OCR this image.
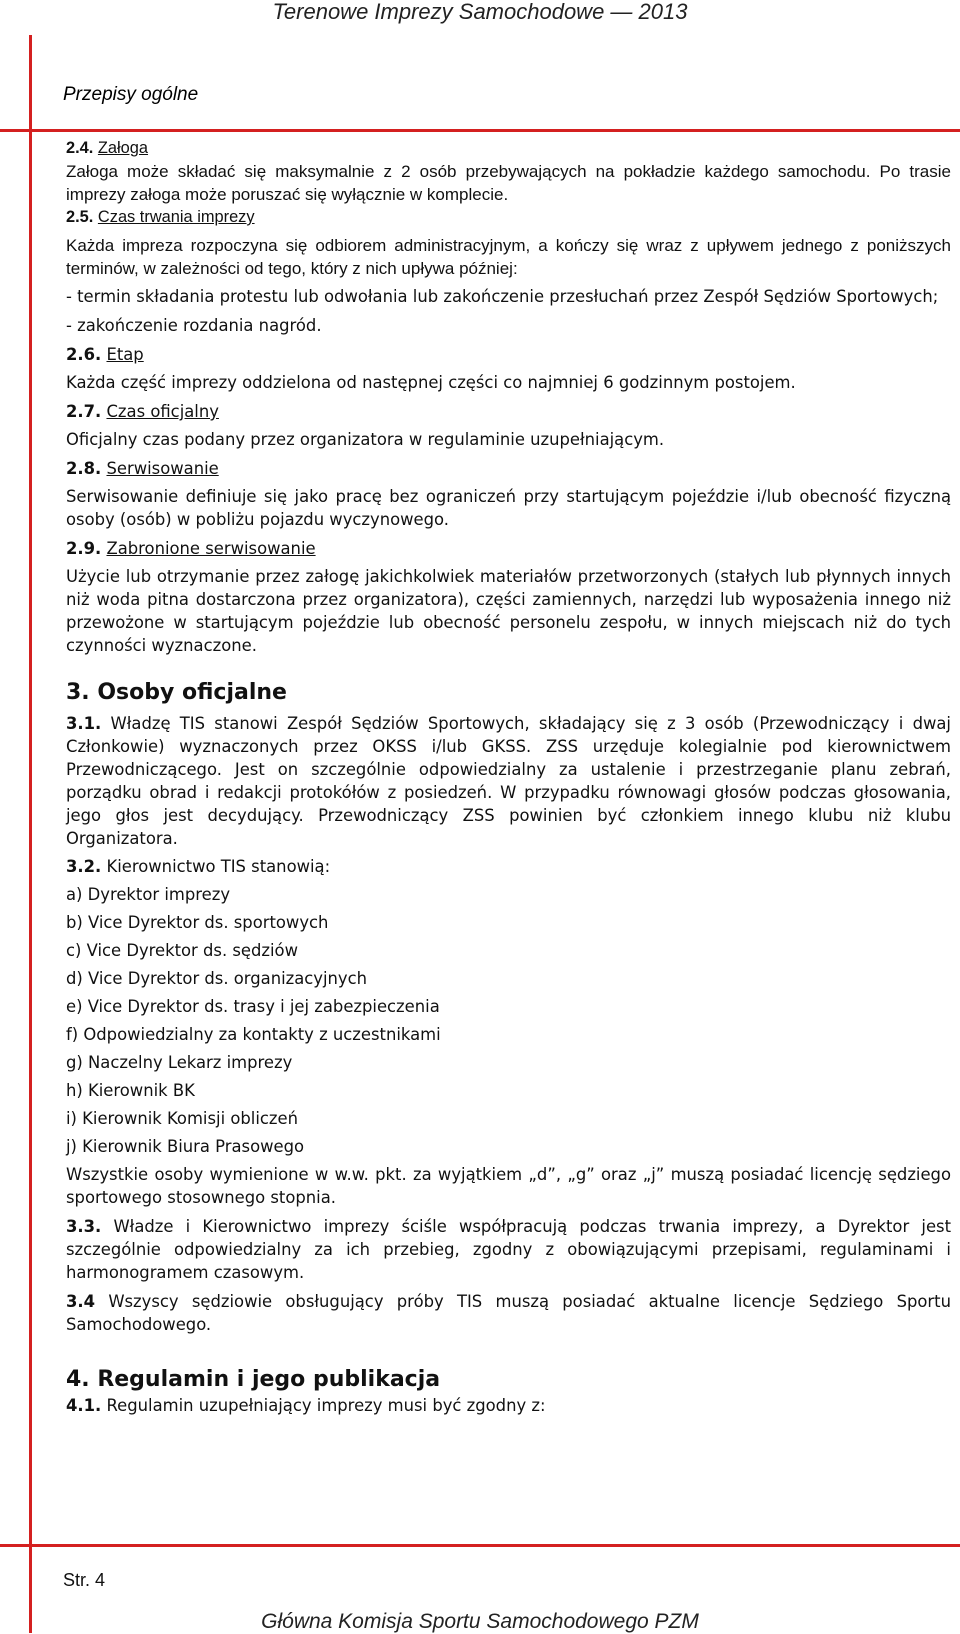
Terenowe Imprezy Samochodowe — 2013
Przepisy ogólne

2.4. Załoga

Załoga może składać się maksymalnie z 2 osób przebywających na pokładzie każdego samochodu. Po trasie imprezy załoga może poruszać się wyłącznie w komplecie.

2.5. Czas trwania imprezy

Każda impreza rozpoczyna się odbiorem administracyjnym, a kończy się wraz z upływem jednego z poniższych terminów, w zależności od tego, który z nich upływa później:

- termin składania protestu lub odwołania lub zakończenie przesłuchań przez Zespół Sędziów Sportowych;

- zakończenie rozdania nagród.

2.6. Etap

Każda część imprezy oddzielona od następnej części co najmniej 6 godzinnym postojem.

2.7. Czas oficjalny

Oficjalny czas podany przez organizatora w regulaminie uzupełniającym.

2.8. Serwisowanie

Serwisowanie definiuje się jako pracę bez ograniczeń przy startującym pojeździe i/lub obecność fizyczną osoby (osób) w pobliżu pojazdu wyczynowego.

2.9. Zabronione serwisowanie

Użycie lub otrzymanie przez załogę jakichkolwiek materiałów przetworzonych (stałych lub płynnych innych niż woda pitna dostarczona przez organizatora), części zamiennych, narzędzi lub wyposażenia innego niż przewożone w startującym pojeździe lub obecność personelu zespołu, w innych miejscach niż do tych czynności wyznaczone.

3. Osoby oficjalne

3.1. Władzę TIS stanowi Zespół Sędziów Sportowych, składający się z 3 osób (Przewodniczący i dwaj Członkowie) wyznaczonych przez OKSS i/lub GKSS. ZSS urzęduje kolegialnie pod kierownictwem Przewodniczącego. Jest on szczególnie odpowiedzialny za ustalenie i przestrzeganie planu zebrań, porządku obrad i redakcji protokółów z posiedzeń. W przypadku równowagi głosów podczas głosowania, jego głos jest decydujący. Przewodniczący ZSS powinien być członkiem innego klubu niż klubu Organizatora.

3.2. Kierownictwo TIS stanowią:

a) Dyrektor imprezy

b) Vice Dyrektor ds. sportowych

c) Vice Dyrektor ds. sędziów

d) Vice Dyrektor ds. organizacyjnych

e) Vice Dyrektor ds. trasy i jej zabezpieczenia

f) Odpowiedzialny za kontakty z uczestnikami

g) Naczelny Lekarz imprezy

h) Kierownik BK

i) Kierownik Komisji obliczeń

j) Kierownik Biura Prasowego

Wszystkie osoby wymienione w w.w. pkt. za wyjątkiem „d”, „g” oraz „j” muszą posiadać licencję sędziego sportowego stosownego stopnia.

3.3. Władze i Kierownictwo imprezy ściśle współpracują podczas trwania imprezy, a Dyrektor jest szczególnie odpowiedzialny za ich przebieg, zgodny z obowiązującymi przepisami, regulaminami i harmonogramem czasowym.

3.4 Wszyscy sędziowie obsługujący próby TIS muszą posiadać aktualne licencje Sędziego Sportu Samochodowego.

4. Regulamin i jego publikacja

4.1. Regulamin uzupełniający imprezy musi być zgodny z:

Str. 4
Główna Komisja Sportu Samochodowego PZM
